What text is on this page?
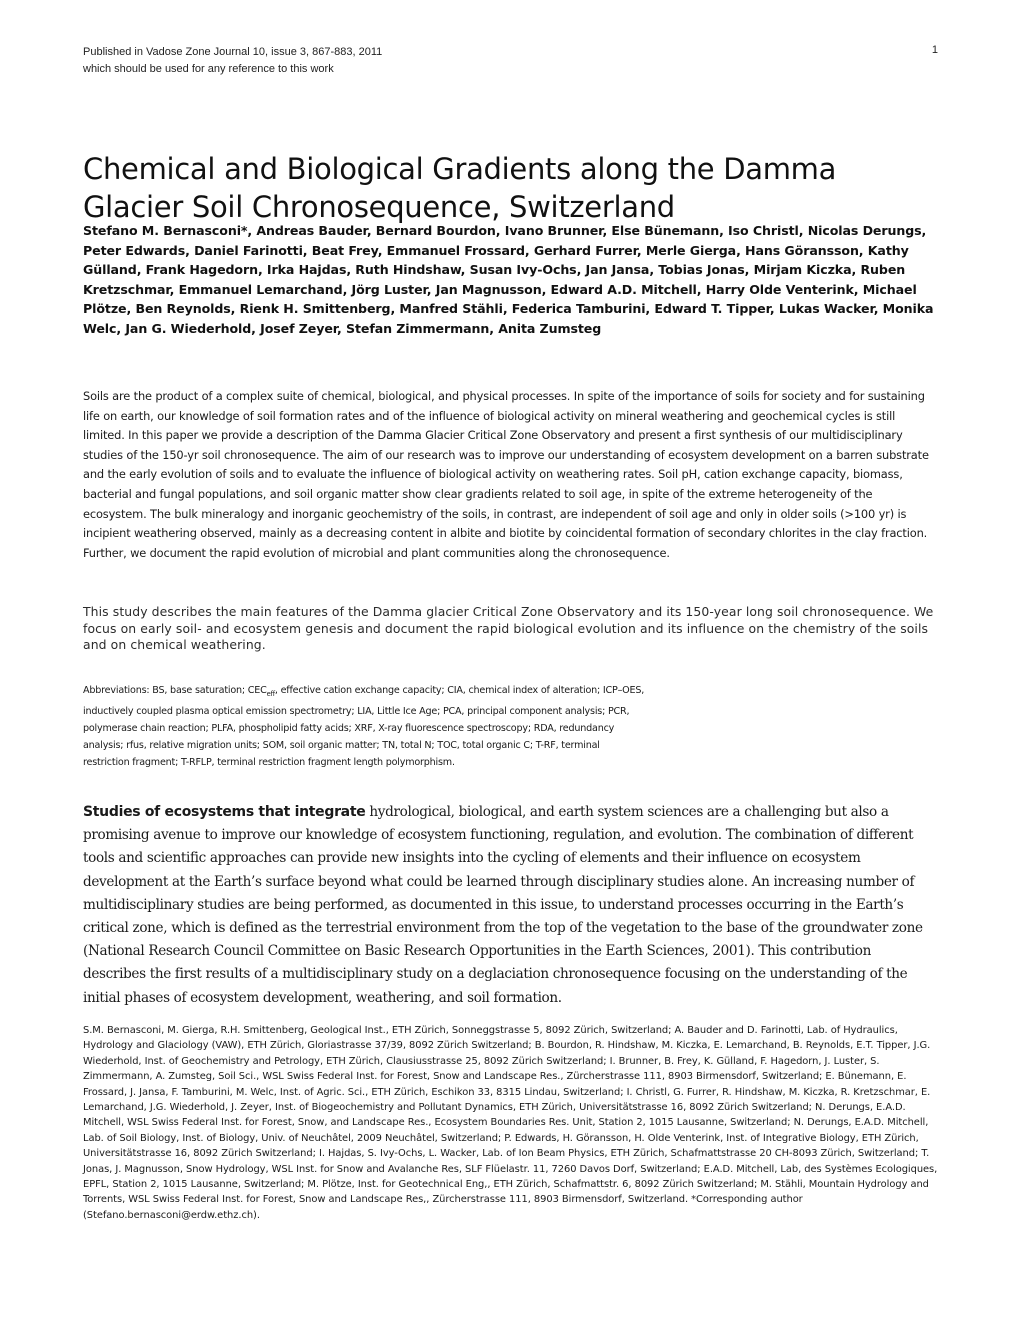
Published in Vadose Zone Journal 10, issue 3, 867-883, 2011
which should be used for any reference to this work
1
Chemical and Biological Gradients along the Damma
Glacier Soil Chronosequence, Switzerland
Stefano M. Bernasconi*, Andreas Bauder, Bernard Bourdon, Ivano Brunner, Else Bünemann, Iso Christl, Nicolas Derungs, Peter Edwards, Daniel Farinotti, Beat Frey, Emmanuel Frossard, Gerhard Furrer, Merle Gierga, Hans Göransson, Kathy Gülland, Frank Hagedorn, Irka Hajdas, Ruth Hindshaw, Susan Ivy-Ochs, Jan Jansa, Tobias Jonas, Mirjam Kiczka, Ruben Kretzschmar, Emmanuel Lemarchand, Jörg Luster, Jan Magnusson, Edward A.D. Mitchell, Harry Olde Venterink, Michael Plötze, Ben Reynolds, Rienk H. Smittenberg, Manfred Stähli, Federica Tamburini, Edward T. Tipper, Lukas Wacker, Monika Welc, Jan G. Wiederhold, Josef Zeyer, Stefan Zimmermann, Anita Zumsteg
Soils are the product of a complex suite of chemical, biological, and physical processes. In spite of the importance of soils for society and for sustaining life on earth, our knowledge of soil formation rates and of the influence of biological activity on mineral weathering and geochemical cycles is still limited. In this paper we provide a description of the Damma Glacier Critical Zone Observatory and present a first synthesis of our multidisciplinary studies of the 150-yr soil chronosequence. The aim of our research was to improve our understanding of ecosystem development on a barren substrate and the early evolution of soils and to evaluate the influence of biological activity on weathering rates. Soil pH, cation exchange capacity, biomass, bacterial and fungal populations, and soil organic matter show clear gradients related to soil age, in spite of the extreme heterogeneity of the ecosystem. The bulk mineralogy and inorganic geochemistry of the soils, in contrast, are independent of soil age and only in older soils (>100 yr) is incipient weathering observed, mainly as a decreasing content in albite and biotite by coincidental formation of secondary chlorites in the clay fraction. Further, we document the rapid evolution of microbial and plant communities along the chronosequence.
This study describes the main features of the Damma glacier Critical Zone Observatory and its 150-year long soil chronosequence. We focus on early soil- and ecosystem genesis and document the rapid biological evolution and its influence on the chemistry of the soils and on chemical weathering.
Abbreviations: BS, base saturation; $CEC_{eff}$, effective cation exchange capacity; CIA, chemical index of alteration; ICP–OES, inductively coupled plasma optical emission spectrometry; LIA, Little Ice Age; PCA, principal component analysis; PCR, polymerase chain reaction; PLFA, phospholipid fatty acids; XRF, X-ray fluorescence spectroscopy; RDA, redundancy analysis; rfus, relative migration units; SOM, soil organic matter; TN, total N; TOC, total organic C; T-RF, terminal restriction fragment; T-RFLP, terminal restriction fragment length polymorphism.
Studies of ecosystems that integrate hydrological, biological, and earth system sciences are a challenging but also a promising avenue to improve our knowledge of ecosystem functioning, regulation, and evolution. The combination of different tools and scientific approaches can provide new insights into the cycling of elements and their influence on ecosystem development at the Earth’s surface beyond what could be learned through disciplinary studies alone. An increasing number of multidisciplinary studies are being performed, as documented in this issue, to understand processes occurring in the Earth’s critical zone, which is defined as the terrestrial environment from the top of the vegetation to the base of the groundwater zone (National Research Council Committee on Basic Research Opportunities in the Earth Sciences, 2001). This contribution describes the first results of a multidisciplinary study on a deglaciation chronosequence focusing on the understanding of the initial phases of ecosystem development, weathering, and soil formation.
S.M. Bernasconi, M. Gierga, R.H. Smittenberg, Geological Inst., ETH Zürich, Sonneggstrasse 5, 8092 Zürich, Switzerland; A. Bauder and D. Farinotti, Lab. of Hydraulics, Hydrology and Glaciology (VAW), ETH Zürich, Gloriastrasse 37/39, 8092 Zürich Switzerland; B. Bourdon, R. Hindshaw, M. Kiczka, E. Lemarchand, B. Reynolds, E.T. Tipper, J.G. Wiederhold, Inst. of Geochemistry and Petrology, ETH Zürich, Clausiusstrasse 25, 8092 Zürich Switzerland; I. Brunner, B. Frey, K. Gülland, F. Hagedorn, J. Luster, S. Zimmermann, A. Zumsteg, Soil Sci., WSL Swiss Federal Inst. for Forest, Snow and Landscape Res., Zürcherstrasse 111, 8903 Birmensdorf, Switzerland; E. Bünemann, E. Frossard, J. Jansa, F. Tamburini, M. Welc, Inst. of Agric. Sci., ETH Zürich, Eschikon 33, 8315 Lindau, Switzerland; I. Christl, G. Furrer, R. Hindshaw, M. Kiczka, R. Kretzschmar, E. Lemarchand, J.G. Wiederhold, J. Zeyer, Inst. of Biogeochemistry and Pollutant Dynamics, ETH Zürich, Universitätstrasse 16, 8092 Zürich Switzerland; N. Derungs, E.A.D. Mitchell, WSL Swiss Federal Inst. for Forest, Snow, and Landscape Res., Ecosystem Boundaries Res. Unit, Station 2, 1015 Lausanne, Switzerland; N. Derungs, E.A.D. Mitchell, Lab. of Soil Biology, Inst. of Biology, Univ. of Neuchâtel, 2009 Neuchâtel, Switzerland; P. Edwards, H. Göransson, H. Olde Venterink, Inst. of Integrative Biology, ETH Zürich, Universitätstrasse 16, 8092 Zürich Switzerland; I. Hajdas, S. Ivy-Ochs, L. Wacker, Lab. of Ion Beam Physics, ETH Zürich, Schafmattstrasse 20 CH-8093 Zürich, Switzerland; T. Jonas, J. Magnusson, Snow Hydrology, WSL Inst. for Snow and Avalanche Res, SLF Flüelastr. 11, 7260 Davos Dorf, Switzerland; E.A.D. Mitchell, Lab, des Systèmes Ecologiques, EPFL, Station 2, 1015 Lausanne, Switzerland; M. Plötze, Inst. for Geotechnical Eng,, ETH Zürich, Schafmattstr. 6, 8092 Zürich Switzerland; M. Stähli, Mountain Hydrology and Torrents, WSL Swiss Federal Inst. for Forest, Snow and Landscape Res,, Zürcherstrasse 111, 8903 Birmensdorf, Switzerland. *Corresponding author (Stefano.bernasconi@erdw.ethz.ch).
